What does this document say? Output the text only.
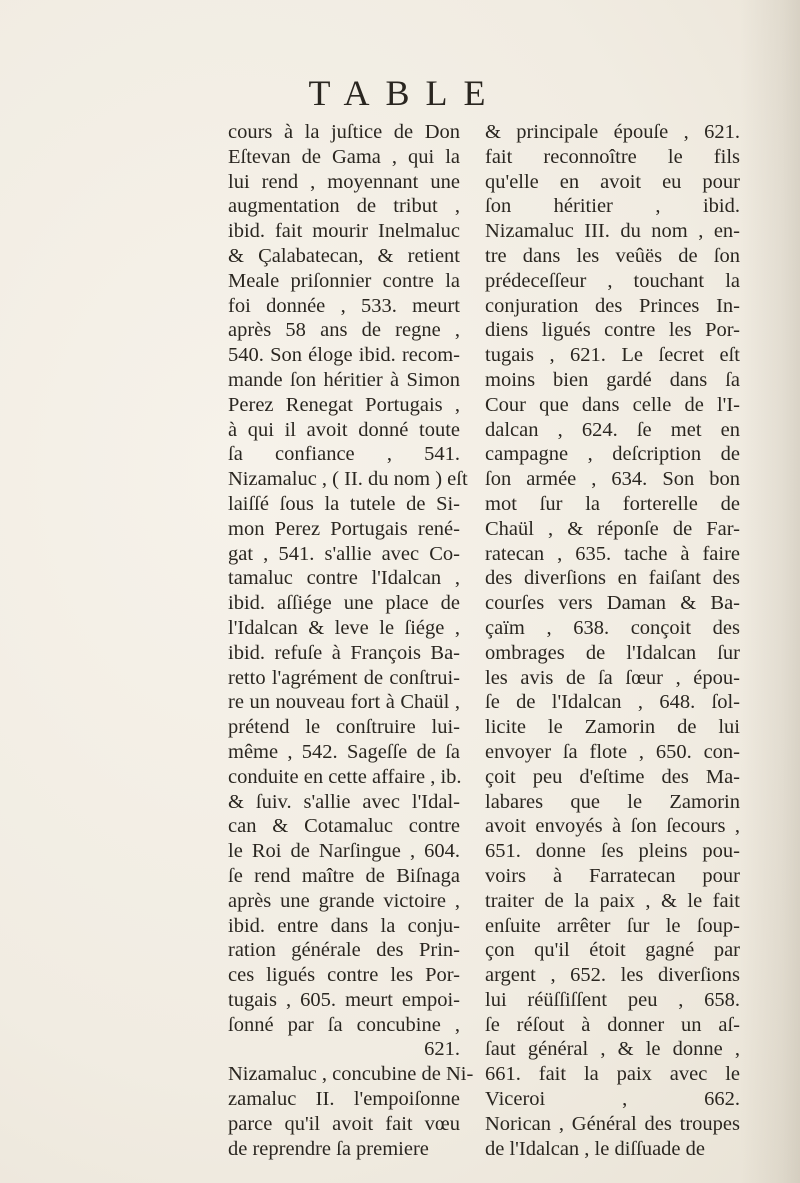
TABLE
cours à la juſtice de Don
Eſtevan de Gama , qui la
lui rend , moyennant une
augmentation de tribut ,
ibid. fait mourir Inelmaluc
& Çalabatecan, & retient
Meale priſonnier contre la
foi donnée , 533. meurt
après 58 ans de regne ,
540. Son éloge ibid. recom-
mande ſon héritier à Simon
Perez Renegat Portugais ,
à qui il avoit donné toute
ſa confiance , 541.
Nizamaluc , ( II. du nom ) eſt
laiſſé ſous la tutele de Si-
mon Perez Portugais rené-
gat , 541. s'allie avec Co-
tamaluc contre l'Idalcan ,
ibid. aſſiége une place de
l'Idalcan & leve le ſiége ,
ibid. refuſe à François Ba-
retto l'agrément de conſtrui-
re un nouveau fort à Chaül ,
prétend le conſtruire lui-
même , 542. Sageſſe de ſa
conduite en cette affaire , ib.
& ſuiv. s'allie avec l'Idal-
can & Cotamaluc contre
le Roi de Narſingue , 604.
ſe rend maître de Biſnaga
après une grande victoire ,
ibid. entre dans la conju-
ration générale des Prin-
ces ligués contre les Por-
tugais , 605. meurt empoi-
ſonné par ſa concubine ,
621.
Nizamaluc , concubine de Ni-
zamaluc II. l'empoiſonne
parce qu'il avoit fait vœu
de reprendre ſa premiere
& principale épouſe , 621.
fait reconnoître le fils
qu'elle en avoit eu pour
ſon héritier , ibid.
Nizamaluc III. du nom , en-
tre dans les veûës de ſon
prédeceſſeur , touchant la
conjuration des Princes In-
diens ligués contre les Por-
tugais , 621. Le ſecret eſt
moins bien gardé dans ſa
Cour que dans celle de l'I-
dalcan , 624. ſe met en
campagne , deſcription de
ſon armée , 634. Son bon
mot ſur la forterelle de
Chaül , & réponſe de Far-
ratecan , 635. tache à faire
des diverſions en faiſant des
courſes vers Daman & Ba-
çaïm , 638. conçoit des
ombrages de l'Idalcan ſur
les avis de ſa ſœur , épou-
ſe de l'Idalcan , 648. ſol-
licite le Zamorin de lui
envoyer ſa flote , 650. con-
çoit peu d'eſtime des Ma-
labares que le Zamorin
avoit envoyés à ſon ſecours ,
651. donne ſes pleins pou-
voirs à Farratecan pour
traiter de la paix , & le fait
enſuite arrêter ſur le ſoup-
çon qu'il étoit gagné par
argent , 652. les diverſions
lui réüſſiſſent peu , 658.
ſe réſout à donner un aſ-
ſaut général , & le donne ,
661. fait la paix avec le
Viceroi , 662.
Norican , Général des troupes
de l'Idalcan , le diſſuade de
